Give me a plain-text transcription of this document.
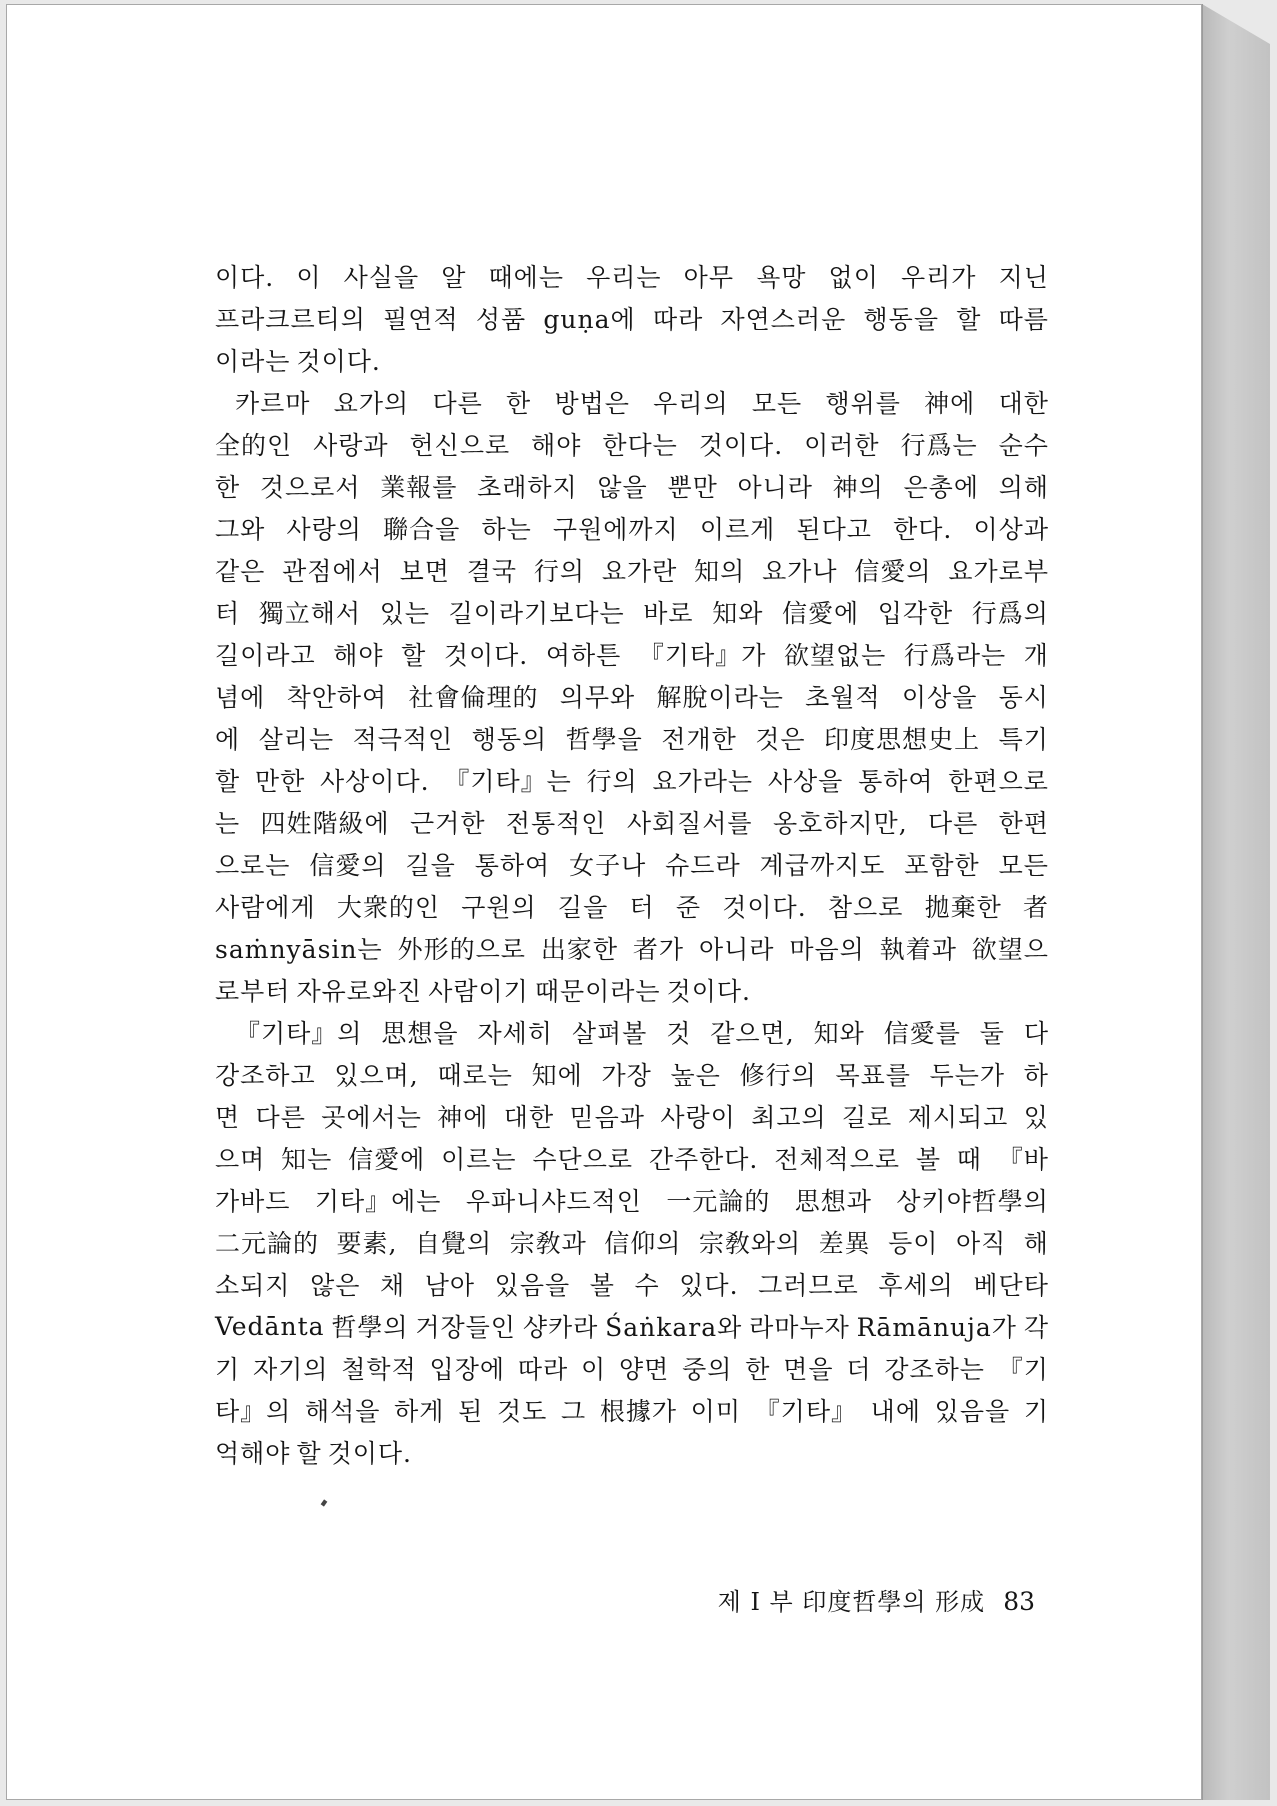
이다. 이 사실을 알 때에는 우리는 아무 욕망 없이 우리가 지닌
프라크르티의 필연적 성품 guṇa에 따라 자연스러운 행동을 할 따름
이라는 것이다.
카르마 요가의 다른 한 방법은 우리의 모든 행위를 神에 대한
全的인 사랑과 헌신으로 해야 한다는 것이다. 이러한 行爲는 순수
한 것으로서 業報를 초래하지 않을 뿐만 아니라 神의 은총에 의해
그와 사랑의 聯合을 하는 구원에까지 이르게 된다고 한다. 이상과
같은 관점에서 보면 결국 行의 요가란 知의 요가나 信愛의 요가로부
터 獨立해서 있는 길이라기보다는 바로 知와 信愛에 입각한 行爲의
길이라고 해야 할 것이다. 여하튼 『기타』가 欲望없는 行爲라는 개
념에 착안하여 社會倫理的 의무와 解脫이라는 초월적 이상을 동시
에 살리는 적극적인 행동의 哲學을 전개한 것은 印度思想史上 특기
할 만한 사상이다. 『기타』는 行의 요가라는 사상을 통하여 한편으로
는 四姓階級에 근거한 전통적인 사회질서를 옹호하지만, 다른 한편
으로는 信愛의 길을 통하여 女子나 슈드라 계급까지도 포함한 모든
사람에게 大衆的인 구원의 길을 터 준 것이다. 참으로 拋棄한 者
saṁnyāsin는 外形的으로 出家한 者가 아니라 마음의 執着과 欲望으
로부터 자유로와진 사람이기 때문이라는 것이다.
『기타』의 思想을 자세히 살펴볼 것 같으면, 知와 信愛를 둘 다
강조하고 있으며, 때로는 知에 가장 높은 修行의 목표를 두는가 하
면 다른 곳에서는 神에 대한 믿음과 사랑이 최고의 길로 제시되고 있
으며 知는 信愛에 이르는 수단으로 간주한다. 전체적으로 볼 때 『바
가바드 기타』에는 우파니샤드적인 一元論的 思想과 상키야哲學의
二元論的 要素, 自覺의 宗敎과 信仰의 宗敎와의 差異 등이 아직 해
소되지 않은 채 남아 있음을 볼 수 있다. 그러므로 후세의 베단타
Vedānta 哲學의 거장들인 샹카라 Śaṅkara와 라마누자 Rāmānuja가 각
기 자기의 철학적 입장에 따라 이 양면 중의 한 면을 더 강조하는 『기
타』의 해석을 하게 된 것도 그 根據가 이미 『기타』 내에 있음을 기
억해야 할 것이다.
제 I 부 印度哲學의 形成 83
